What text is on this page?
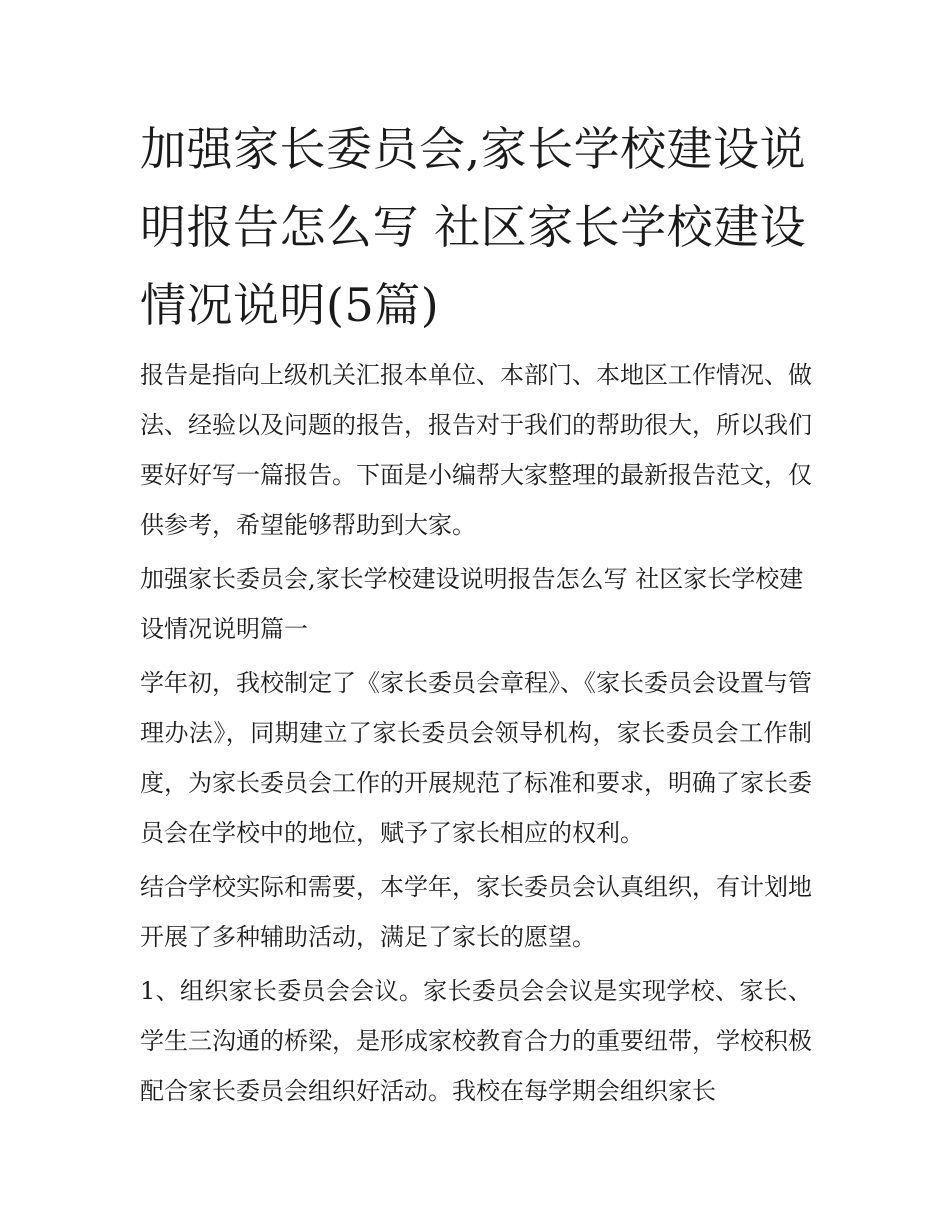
加强家长委员会,家长学校建设说明报告怎么写 社区家长学校建设情况说明(5篇)

报告是指向上级机关汇报本单位、本部门、本地区工作情况、做法、经验以及问题的报告，报告对于我们的帮助很大，所以我们要好好写一篇报告。下面是小编帮大家整理的最新报告范文，仅供参考，希望能够帮助到大家。

加强家长委员会,家长学校建设说明报告怎么写 社区家长学校建设情况说明篇一

学年初，我校制定了《家长委员会章程》、《家长委员会设置与管理办法》，同期建立了家长委员会领导机构，家长委员会工作制度，为家长委员会工作的开展规范了标准和要求，明确了家长委员会在学校中的地位，赋予了家长相应的权利。

结合学校实际和需要，本学年，家长委员会认真组织，有计划地开展了多种辅助活动，满足了家长的愿望。

1、组织家长委员会会议。家长委员会会议是实现学校、家长、学生三沟通的桥梁，是形成家校教育合力的重要纽带，学校积极配合家长委员会组织好活动。我校在每学期会组织家长
